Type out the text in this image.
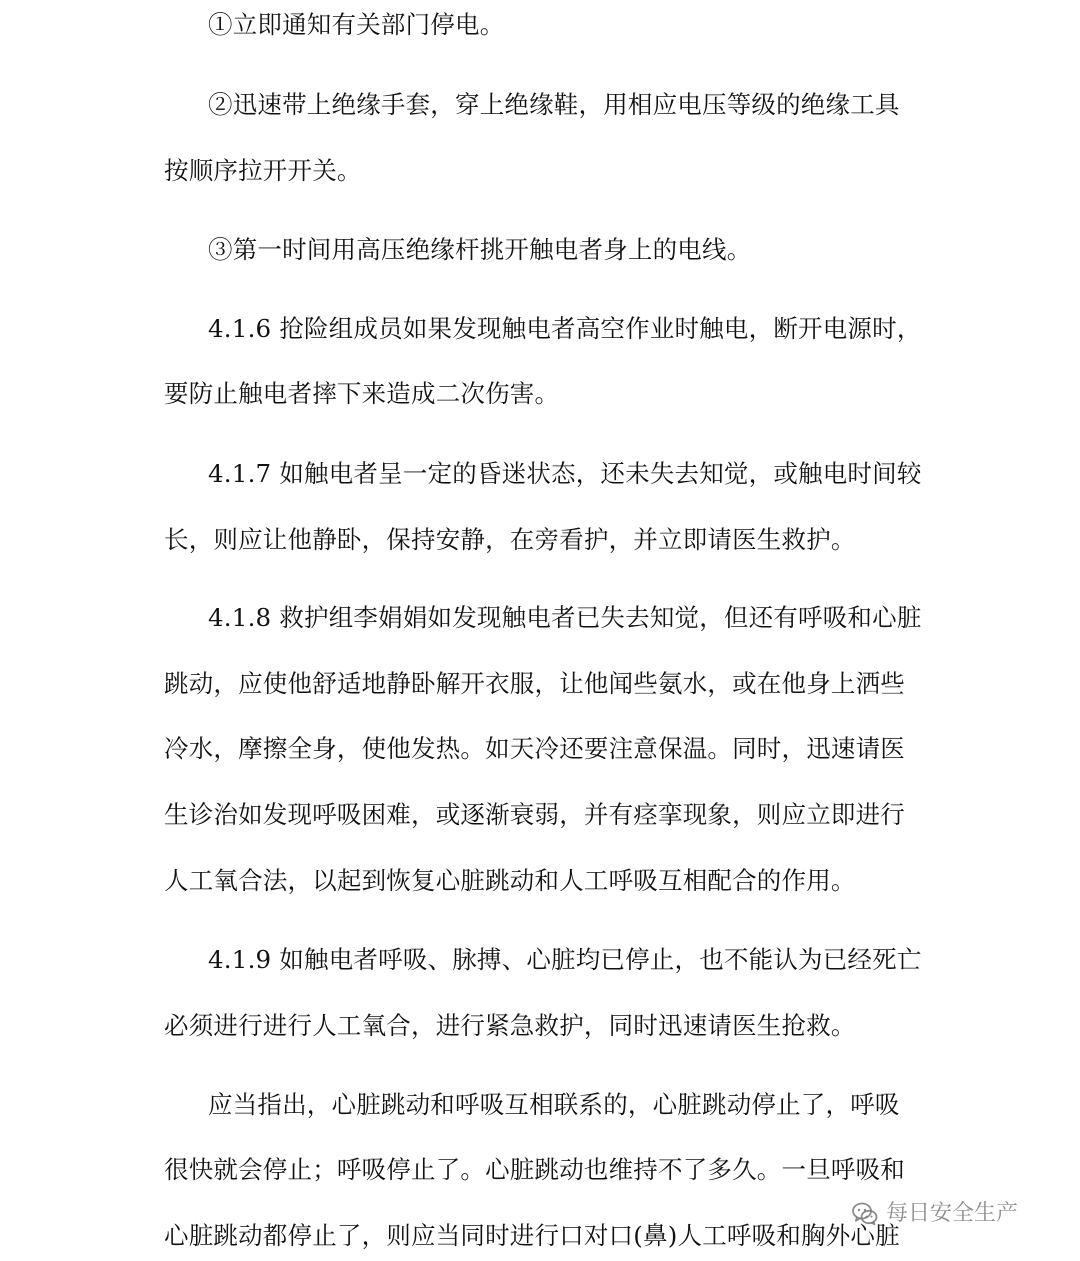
①立即通知有关部门停电。
②迅速带上绝缘手套，穿上绝缘鞋，用相应电压等级的绝缘工具
按顺序拉开开关。
③第一时间用高压绝缘杆挑开触电者身上的电线。
4.1.6 抢险组成员如果发现触电者高空作业时触电，断开电源时，
要防止触电者摔下来造成二次伤害。
4.1.7 如触电者呈一定的昏迷状态，还未失去知觉，或触电时间较
长，则应让他静卧，保持安静，在旁看护，并立即请医生救护。
4.1.8 救护组李娟娟如发现触电者已失去知觉，但还有呼吸和心脏
跳动，应使他舒适地静卧解开衣服，让他闻些氨水，或在他身上洒些
冷水，摩擦全身，使他发热。如天冷还要注意保温。同时，迅速请医
生诊治如发现呼吸困难，或逐渐衰弱，并有痉挛现象，则应立即进行
人工氧合法，以起到恢复心脏跳动和人工呼吸互相配合的作用。
4.1.9 如触电者呼吸、脉搏、心脏均已停止，也不能认为已经死亡
必须进行进行人工氧合，进行紧急救护，同时迅速请医生抢救。
应当指出，心脏跳动和呼吸互相联系的，心脏跳动停止了，呼吸
很快就会停止；呼吸停止了。心脏跳动也维持不了多久。一旦呼吸和
心脏跳动都停止了，则应当同时进行口对口(鼻)人工呼吸和胸外心脏
每日安全生产
